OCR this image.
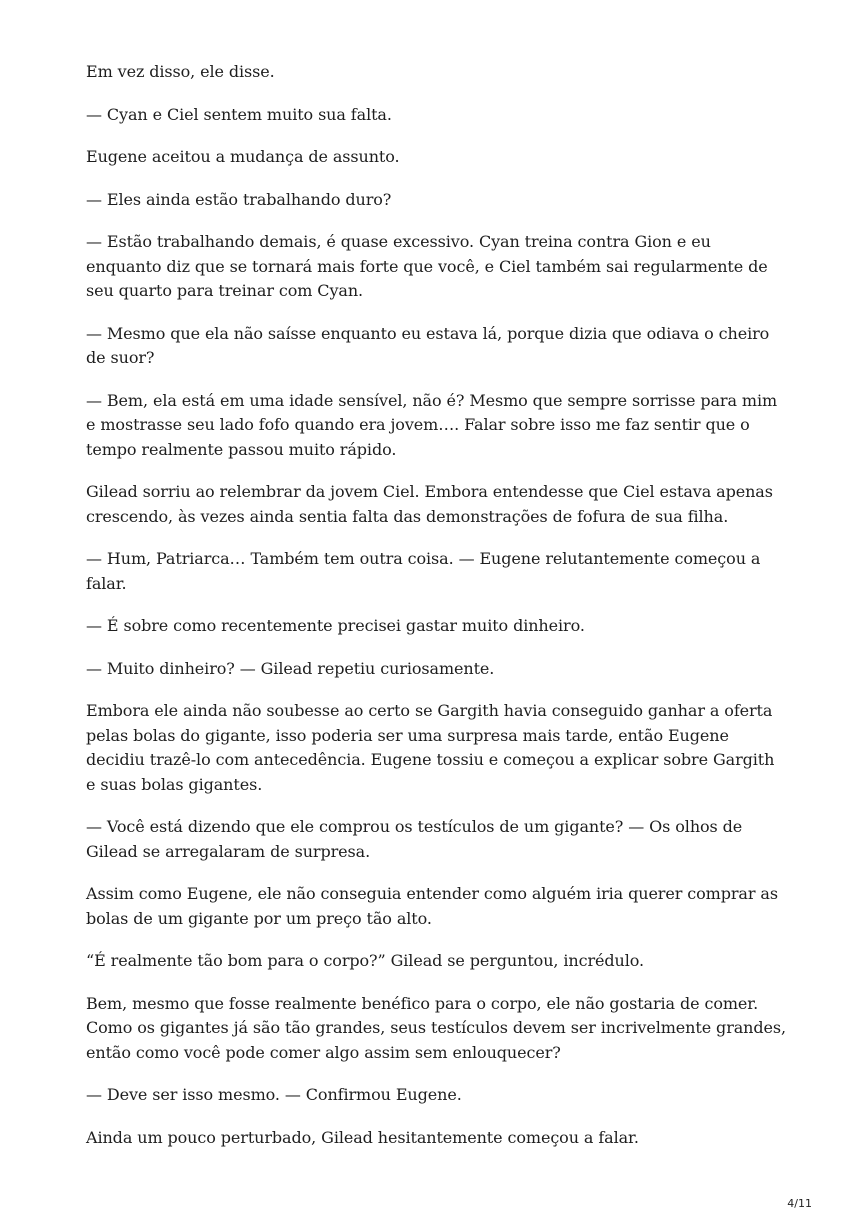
Em vez disso, ele disse.

— Cyan e Ciel sentem muito sua falta.

Eugene aceitou a mudança de assunto.

— Eles ainda estão trabalhando duro?

— Estão trabalhando demais, é quase excessivo. Cyan treina contra Gion e eu enquanto diz que se tornará mais forte que você, e Ciel também sai regularmente de seu quarto para treinar com Cyan.

— Mesmo que ela não saísse enquanto eu estava lá, porque dizia que odiava o cheiro de suor?

— Bem, ela está em uma idade sensível, não é? Mesmo que sempre sorrisse para mim e mostrasse seu lado fofo quando era jovem…. Falar sobre isso me faz sentir que o tempo realmente passou muito rápido.

Gilead sorriu ao relembrar da jovem Ciel. Embora entendesse que Ciel estava apenas crescendo, às vezes ainda sentia falta das demonstrações de fofura de sua filha.

— Hum, Patriarca… Também tem outra coisa. — Eugene relutantemente começou a falar.

— É sobre como recentemente precisei gastar muito dinheiro.

— Muito dinheiro? — Gilead repetiu curiosamente.

Embora ele ainda não soubesse ao certo se Gargith havia conseguido ganhar a oferta pelas bolas do gigante, isso poderia ser uma surpresa mais tarde, então Eugene decidiu trazê-lo com antecedência. Eugene tossiu e começou a explicar sobre Gargith e suas bolas gigantes.

— Você está dizendo que ele comprou os testículos de um gigante? — Os olhos de Gilead se arregalaram de surpresa.

Assim como Eugene, ele não conseguia entender como alguém iria querer comprar as bolas de um gigante por um preço tão alto.

“É realmente tão bom para o corpo?” Gilead se perguntou, incrédulo.

Bem, mesmo que fosse realmente benéfico para o corpo, ele não gostaria de comer. Como os gigantes já são tão grandes, seus testículos devem ser incrivelmente grandes, então como você pode comer algo assim sem enlouquecer?

— Deve ser isso mesmo. — Confirmou Eugene.

Ainda um pouco perturbado, Gilead hesitantemente começou a falar.

4/11
